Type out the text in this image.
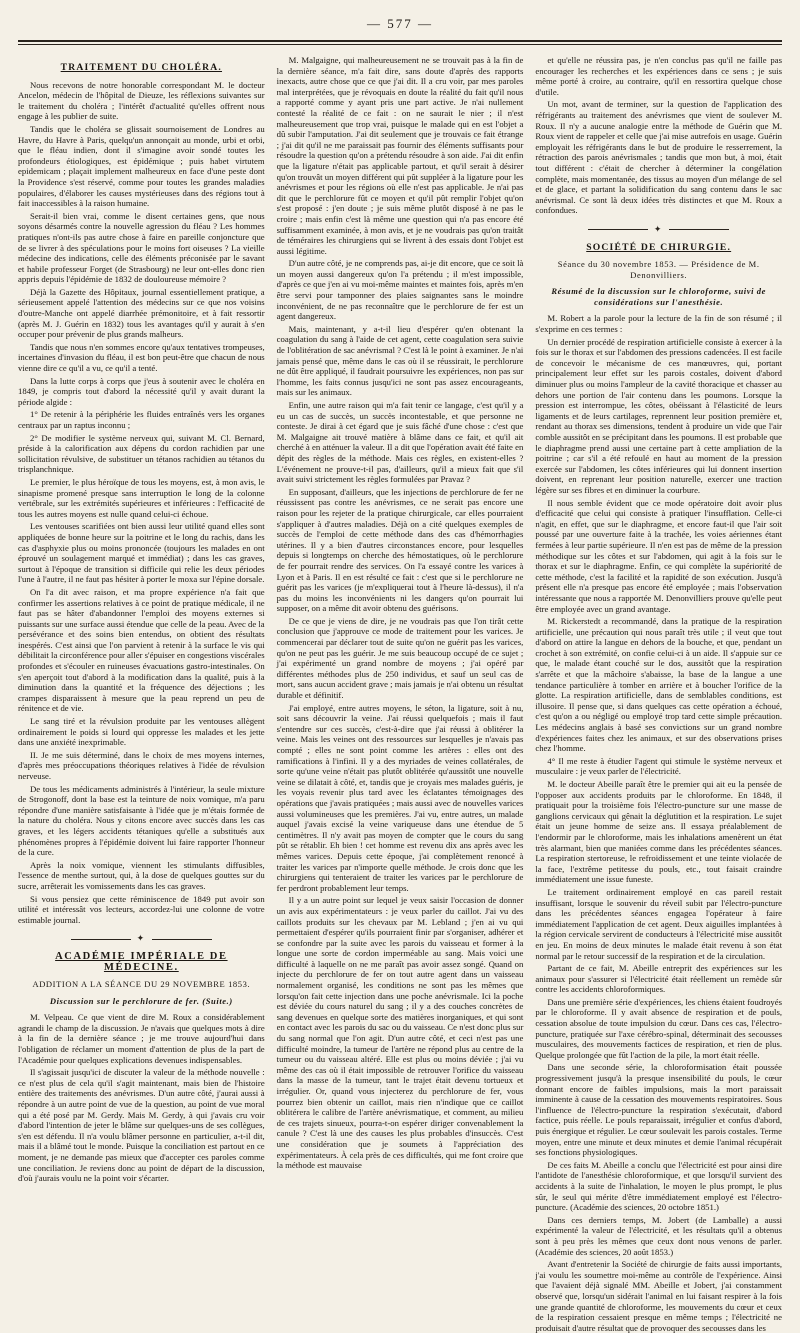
— 577 —
TRAITEMENT DU CHOLÉRA.

Nous recevons de notre honorable correspondant M. le docteur Ancelon, médecin de l'hôpital de Dieuze, les réflexions suivantes sur le traitement du choléra ; l'intérêt d'actualité qu'elles offrent nous engage à les publier de suite.

Tandis que le choléra se glissait sournoisement de Londres au Havre, du Havre à Paris, quelqu'un annonçait au monde, urbi et orbi, que le fléau indien, dont il s'imagine avoir sondé toutes les profondeurs étiologiques, est épidémique ; puis habet virtutem epidemicam ; plaçait implement malheureux en face d'une peste dont la Providence s'est réservé, comme pour toutes les grandes maladies populaires, d'élaborer les causes mystérieuses dans des régions tout à fait inaccessibles à la raison humaine.

Serait-il bien vrai, comme le disent certaines gens, que nous soyons désarmés contre la nouvelle agression du fléau ? Les hommes pratiques n'ont-ils pas autre chose à faire en pareille conjoncture que de se livrer à des spéculations pour le moins fort oiseuses ? La vieille médecine des indications, celle des éléments préconisée par le savant et habile professeur Forget (de Strasbourg) ne leur ont-elles donc rien appris depuis l'épidémie de 1832 de douloureuse mémoire ?

Déjà la Gazette des Hôpitaux, journal essentiellement pratique, a sérieusement appelé l'attention des médecins sur ce que nos voisins d'outre-Manche ont appelé diarrhée prémonitoire, et à fait ressortir (après M. J. Guérin en 1832) tous les avantages qu'il y aurait à s'en occuper pour prévenir de plus grands malheurs.

Tandis que nous n'en sommes encore qu'aux tentatives trompeuses, incertaines d'invasion du fléau, il est bon peut-être que chacun de nous vienne dire ce qu'il a vu, ce qu'il a tenté.

Dans la lutte corps à corps que j'eus à soutenir avec le choléra en 1849, je compris tout d'abord la nécessité qu'il y avait durant la période algide :

1° De retenir à la périphérie les fluides entraînés vers les organes centraux par un raptus inconnu ;

2° De modifier le système nerveux qui, suivant M. Cl. Bernard, préside à la calorification aux dépens du cordon rachidien par une sollicitation révulsive, de substituer un tétanos rachidien au tétanos du trisplanchnique.

Le premier, le plus héroïque de tous les moyens, est, à mon avis, le sinapisme promené presque sans interruption le long de la colonne vertébrale, sur les extrémités supérieures et inférieures : l'efficacité de tous les autres moyens est nulle quand celui-ci échoue.

Les ventouses scarifiées ont bien aussi leur utilité quand elles sont appliquées de bonne heure sur la poitrine et le long du rachis, dans les cas d'asphyxie plus ou moins prononcée (toujours les malades en ont éprouvé un soulagement marqué et immédiat) ; dans les cas graves, surtout à l'époque de transition si difficile qui relie les deux périodes l'une à l'autre, il ne faut pas hésiter à porter le moxa sur l'épine dorsale.

On l'a dit avec raison, et ma propre expérience n'a fait que confirmer les assertions relatives à ce point de pratique médicale, il ne faut pas se hâter d'abandonner l'emploi des moyens externes si puissants sur une surface aussi étendue que celle de la peau. Avec de la persévérance et des soins bien entendus, on obtient des résultats inespérés. C'est ainsi que l'on parvient à retenir à la surface le vis qui débilitait la circonférence pour aller s'épuiser en congestions viscérales profondes et s'écouler en ruineuses évacuations gastro-intestinales. On s'en aperçoit tout d'abord à la modification dans la qualité, puis à la diminution dans la quantité et la fréquence des déjections ; les crampes disparaissent à mesure que la peau reprend un peu de rénitence et de vie.

Le sang tiré et la révulsion produite par les ventouses allègent ordinairement le poids si lourd qui oppresse les malades et les jette dans une anxiété inexprimable.

II. Je me suis déterminé, dans le choix de mes moyens internes, d'après mes préoccupations théoriques relatives à l'idée de révulsion nerveuse.

De tous les médicaments administrés à l'intérieur, la seule mixture de Strogonoff, dont la base est la teinture de noix vomique, m'a paru répondre d'une manière satisfaisante à l'idée que je m'étais formée de la nature du choléra. Nous y citons encore avec succès dans les cas graves, et les légers accidents tétaniques qu'elle a substitués aux phénomènes propres à l'épidémie doivent lui faire rapporter l'honneur de la cure.

Après la noix vomique, viennent les stimulants diffusibles, l'essence de menthe surtout, qui, à la dose de quelques gouttes sur du sucre, arrêterait les vomissements dans les cas graves.

Si vous pensiez que cette réminiscence de 1849 put avoir son utilité et intéressât vos lecteurs, accordez-lui une colonne de votre estimable journal.

✦
ACADÉMIE IMPÉRIALE DE MÉDECINE.
ADDITION A LA SÉANCE DU 29 NOVEMBRE 1853.
Discussion sur le perchlorure de fer. (Suite.)

M. Velpeau. Ce que vient de dire M. Roux a considérablement agrandi le champ de la discussion. Je n'avais que quelques mots à dire à la fin de la dernière séance ; je me trouve aujourd'hui dans l'obligation de réclamer un moment d'attention de plus de la part de l'Académie pour quelques explications devenues indispensables.

Il s'agissait jusqu'ici de discuter la valeur de la méthode nouvelle : ce n'est plus de cela qu'il s'agit maintenant, mais bien de l'histoire entière des traitements des anévrismes. D'un autre côté, j'aurai aussi à répondre à un autre point de vue de la question, au point de vue moral qui a été posé par M. Gerdy. Mais M. Gerdy, à qui j'avais cru voir d'abord l'intention de jeter le blâme sur quelques-uns de ses collègues, s'en est défendu. Il n'a voulu blâmer personne en particulier, a-t-il dit, mais il a blâmé tout le monde. Puisque la conciliation est partout en ce moment, je ne demande pas mieux que d'accepter ces paroles comme une conciliation. Je reviens donc au point de départ de la discussion, d'où j'aurais voulu ne la point voir s'écarter.

M. Malgaigne, qui malheureusement ne se trouvait pas à la fin de la dernière séance, m'a fait dire, sans doute d'après des rapports inexacts, autre chose que ce que j'ai dit. Il a cru voir, par mes paroles mal interprétées, que je révoquais en doute la réalité du fait qu'il nous a rapporté comme y ayant pris une part active. Je n'ai nullement contesté la réalité de ce fait : on ne saurait le nier ; il n'est malheureusement que trop vrai, puisque le malade qui en est l'objet a dû subir l'amputation. J'ai dit seulement que je trouvais ce fait étrange ; j'ai dit qu'il ne me paraissait pas fournir des éléments suffisants pour résoudre la question qu'on a prétendu résoudre à son aide. J'ai dit enfin que la ligature n'était pas applicable partout, et qu'il serait à désirer qu'on trouvât un moyen différent qui pût suppléer à la ligature pour les anévrismes et pour les régions où elle n'est pas applicable. Je n'ai pas dit que le perchlorure fût ce moyen et qu'il pût remplir l'objet qu'on s'est proposé : j'en doute ; je suis même plutôt disposé à ne pas le croire ; mais enfin c'est là même une question qui n'a pas encore été suffisamment examinée, à mon avis, et je ne voudrais pas qu'on traitât de téméraires les chirurgiens qui se livrent à des essais dont l'objet est aussi légitime.

D'un autre côté, je ne comprends pas, ai-je dit encore, que ce soit là un moyen aussi dangereux qu'on l'a prétendu ; il m'est impossible, d'après ce que j'en ai vu moi-même maintes et maintes fois, après m'en être servi pour tamponner des plaies saignantes sans le moindre inconvénient, de ne pas reconnaître que le perchlorure de fer est un agent dangereux.

Mais, maintenant, y a-t-il lieu d'espérer qu'en obtenant la coagulation du sang à l'aide de cet agent, cette coagulation sera suivie de l'oblitération de sac anévrismal ? C'est là le point à examiner. Je n'ai jamais pensé que, même dans le cas où il se réussirait, le perchlorure ne dût être appliqué, il faudrait poursuivre les expériences, non pas sur l'homme, les faits connus jusqu'ici ne sont pas assez encourageants, mais sur les animaux.

Enfin, une autre raison qui m'a fait tenir ce langage, c'est qu'il y a eu un cas de succès, un succès incontestable, et que personne ne conteste. Je dirai à cet égard que je suis fâché d'une chose : c'est que M. Malgaigne ait trouvé matière à blâme dans ce fait, et qu'il ait cherché à en atténuer la valeur. Il a dit que l'opération avait été faite en dépit des règles de la méthode. Mais ces règles, en existent-elles ? L'événement ne prouve-t-il pas, d'ailleurs, qu'il a mieux fait que s'il avait suivi strictement les règles formulées par Pravaz ?

En supposant, d'ailleurs, que les injections de perchlorure de fer ne réussissent pas contre les anévrismes, ce ne serait pas encore une raison pour les rejeter de la pratique chirurgicale, car elles pourraient s'appliquer à d'autres maladies. Déjà on a cité quelques exemples de succès de l'emploi de cette méthode dans des cas d'hémorrhagies utérines. Il y a bien d'autres circonstances encore, pour lesquelles depuis si longtemps on cherche des hémostatiques, où le perchlorure de fer pourrait rendre des services. On l'a essayé contre les varices à Lyon et à Paris. Il en est résulté ce fait : c'est que si le perchlorure ne guérit pas les varices (je m'expliquerai tout à l'heure là-dessus), il n'a pas du moins les inconvénients ni les dangers qu'on pourrait lui supposer, on a même dit avoir obtenu des guérisons.

De ce que je viens de dire, je ne voudrais pas que l'on tirât cette conclusion que j'approuve ce mode de traitement pour les varices. Je commencerai par déclarer tout de suite qu'on ne guérit pas les varices, qu'on ne peut pas les guérir. Je me suis beaucoup occupé de ce sujet ; j'ai expérimenté un grand nombre de moyens ; j'ai opéré par différentes méthodes plus de 250 individus, et sauf un seul cas de mort, sans aucun accident grave ; mais jamais je n'ai obtenu un résultat durable et définitif.

J'ai employé, entre autres moyens, le séton, la ligature, soit à nu, soit sans découvrir la veine. J'ai réussi quelquefois ; mais il faut s'entendre sur ces succès, c'est-à-dire que j'ai réussi à oblitérer la veine. Mais les veines ont des ressources sur lesquelles je n'avais pas compté ; elles ne sont point comme les artères : elles ont des ramifications à l'infini. Il y a des myriades de veines collatérales, de sorte qu'une veine n'était pas plutôt oblitérée qu'aussitôt une nouvelle veine se dilatait à côté, et, tandis que je croyais mes malades guéris, je les voyais revenir plus tard avec les éclatantes témoignages des opérations que j'avais pratiquées ; mais aussi avec de nouvelles varices aussi volumineuses que les premières. J'ai vu, entre autres, un malade auquel j'avais excisé la veine variqueuse dans une étendue de 5 centimètres. Il n'y avait pas moyen de compter que le cours du sang pût se rétablir. Eh bien ! cet homme est revenu dix ans après avec les mêmes varices. Depuis cette époque, j'ai complètement renoncé à traiter les varices par n'importe quelle méthode. Je crois donc que les chirurgiens qui tenteraient de traiter les varices par le perchlorure de fer perdront probablement leur temps.

Il y a un autre point sur lequel je veux saisir l'occasion de donner un avis aux expérimentateurs : je veux parler du caillot. J'ai vu des caillots produits sur les chevaux par M. Lebland ; j'en ai vu qui permettaient d'espérer qu'ils pourraient finir par s'organiser, adhérer et se confondre par la suite avec les parois du vaisseau et former à la longue une sorte de cordon imperméable au sang. Mais voici une difficulté à laquelle on ne me paraît pas avoir assez songé. Quand on injecte du perchlorure de fer on tout autre agent dans un vaisseau normalement organisé, les conditions ne sont pas les mêmes que lorsqu'on fait cette injection dans une poche anévrismale. Ici la poche est déviée du cours naturel du sang ; il y a des couches concrètes de sang devenues en quelque sorte des matières inorganiques, et qui sont en contact avec les parois du sac ou du vaisseau. Ce n'est donc plus sur du sang normal que l'on agit. D'un autre côté, et ceci n'est pas une difficulté moindre, la tumeur de l'artère ne répond plus au centre de la tumeur ou du vaisseau altéré. Elle est plus ou moins déviée ; j'ai vu même des cas où il était impossible de retrouver l'orifice du vaisseau dans la masse de la tumeur, tant le trajet était devenu tortueux et irrégulier. Or, quand vous injecterez du perchlorure de fer, vous pourrez bien obtenir un caillot, mais rien n'indique que ce caillot oblitérera le calibre de l'artère anévrismatique, et comment, au milieu de ces trajets sinueux, pourra-t-on espérer diriger convenablement la canule ? C'est là une des causes les plus probables d'insuccès. C'est une considération que je soumets à l'appréciation des expérimentateurs. À cela près de ces difficultés, qui me font croire que la méthode est mauvaise

et qu'elle ne réussira pas, je n'en conclus pas qu'il ne faille pas encourager les recherches et les expériences dans ce sens ; je suis même porté à croire, au contraire, qu'il en ressortira quelque chose d'utile.

Un mot, avant de terminer, sur la question de l'application des réfrigérants au traitement des anévrismes que vient de soulever M. Roux. Il n'y a aucune analogie entre la méthode de Guérin que M. Roux vient de rappeler et celle que j'ai mise autrefois en usage. Guérin employait les réfrigérants dans le but de produire le resserrement, la rétraction des parois anévrismales ; tandis que mon but, à moi, était tout différent : c'était de chercher à déterminer la congélation complète, mais momentanée, des tissus au moyen d'un mélange de sel et de glace, et partant la solidification du sang contenu dans le sac anévrismal. Ce sont là deux idées très distinctes et que M. Roux a confondues.

✦
SOCIÉTÉ DE CHIRURGIE.
Séance du 30 novembre 1853. — Présidence de M. Denonvilliers.
Résumé de la discussion sur le chloroforme, suivi de considérations sur l'anesthésie.

M. Robert a la parole pour la lecture de la fin de son résumé ; il s'exprime en ces termes :

Un dernier procédé de respiration artificielle consiste à exercer à la fois sur le thorax et sur l'abdomen des pressions cadencées. Il est facile de concevoir le mécanisme de ces manœuvres, qui, portant principalement leur effet sur les parois costales, doivent d'abord diminuer plus ou moins l'ampleur de la cavité thoracique et chasser au dehors une portion de l'air contenu dans les poumons. Lorsque la pression est interrompue, les côtes, obéissant à l'élasticité de leurs ligaments et de leurs cartilages, reprennent leur position première et, rendant au thorax ses dimensions, tendent à produire un vide que l'air comble aussitôt en se précipitant dans les poumons. Il est probable que le diaphragme prend aussi une certaine part à cette ampliation de la poitrine ; car s'il a été refoulé en haut au moment de la pression exercée sur l'abdomen, les côtes inférieures qui lui donnent insertion doivent, en reprenant leur position naturelle, exercer une traction légère sur ses fibres et en diminuer la courbure.

Il nous semble évident que ce mode opératoire doit avoir plus d'efficacité que celui qui consiste à pratiquer l'insufflation. Celle-ci n'agit, en effet, que sur le diaphragme, et encore faut-il que l'air soit poussé par une ouverture faite à la trachée, les voies aériennes étant fermées à leur partie supérieure. Il n'en est pas de même de la pression méthodique sur les côtes et sur l'abdomen, qui agit à la fois sur le thorax et sur le diaphragme. Enfin, ce qui complète la supériorité de cette méthode, c'est la facilité et la rapidité de son exécution. Jusqu'à présent elle n'a presque pas encore été employée ; mais l'observation intéressante que nous a rapportée M. Denonvilliers prouve qu'elle peut être employée avec un grand avantage.

M. Rickerstedt a recommandé, dans la pratique de la respiration artificielle, une précaution qui nous paraît très utile ; il veut que tout d'abord on attire la langue en dehors de la bouche, et que, pendant un crochet à son extrémité, on confie celui-ci à un aide. Il s'appuie sur ce que, le malade étant couché sur le dos, aussitôt que la respiration s'arrête et que la mâchoire s'abaisse, la base de la langue a une tendance particulière à tomber en arrière et à boucher l'orifice de la glotte. La respiration artificielle, dans de semblables conditions, est illusoire. Il pense que, si dans quelques cas cette opération a échoué, c'est qu'on a ou négligé ou employé trop tard cette simple précaution. Les médecins anglais à basé ses convictions sur un grand nombre d'expériences faites chez les animaux, et sur des observations prises chez l'homme.

4° Il me reste à étudier l'agent qui stimule le système nerveux et musculaire : je veux parler de l'électricité.

M. le docteur Abeille paraît être le premier qui ait eu la pensée de l'opposer aux accidents produits par le chloroforme. En 1848, il pratiquait pour la troisième fois l'électro-puncture sur une masse de ganglions cervicaux qui gênait la déglutition et la respiration. Le sujet était un jeune homme de seize ans. Il essaya préalablement de l'endormir par le chloroforme, mais les inhalations amenèrent un état très alarmant, bien que maniées comme dans les précédentes séances. La respiration stertoreuse, le refroidissement et une teinte violacée de la face, l'extrême petitesse du pouls, etc., tout faisait craindre immédiatement une issue funeste.

Le traitement ordinairement employé en cas pareil restait insuffisant, lorsque le souvenir du réveil subit par l'électro-puncture dans les précédentes séances engagea l'opérateur à faire immédiatement l'application de cet agent. Deux aiguilles implantées à la région cervicale servirent de conducteurs à l'électricité mise aussitôt en jeu. En moins de deux minutes le malade était revenu à son état normal par le retour successif de la respiration et de la circulation.

Partant de ce fait, M. Abeille entreprit des expériences sur les animaux pour s'assurer si l'électricité était réellement un remède sûr contre les accidents chloroformiques.

Dans une première série d'expériences, les chiens étaient foudroyés par le chloroforme. Il y avait absence de respiration et de pouls, cessation absolue de toute impulsion du cœur. Dans ces cas, l'électro-puncture, pratiquée sur l'axe cérébro-spinal, déterminait des secousses musculaires, des mouvements factices de respiration, et rien de plus. Quelque prolongée que fût l'action de la pile, la mort était réelle.

Dans une seconde série, la chloroformisation était poussée progressivement jusqu'à la presque insensibilité du pouls, le cœur donnant encore de faibles impulsions, mais la mort paraissait imminente à cause de la cessation des mouvements respiratoires. Sous l'influence de l'électro-puncture la respiration s'exécutait, d'abord factice, puis réelle. Le pouls reparaissait, irrégulier et confus d'abord, puis énergique et régulier. Le cœur soulevait les parois costales. Terme moyen, entre une minute et deux minutes et demie l'animal récupérait ses fonctions physiologiques.

De ces faits M. Abeille a conclu que l'électricité est pour ainsi dire l'antidote de l'anesthésie chloroformique, et que lorsqu'il survient des accidents à la suite de l'inhalation, le moyen le plus prompt, le plus sûr, le seul qui mérite d'être immédiatement employé est l'électro-puncture. (Académie des sciences, 20 octobre 1851.)

Dans ces derniers temps, M. Jobert (de Lamballe) a aussi expérimenté la valeur de l'électricité, et les résultats qu'il a obtenus sont à peu près les mêmes que ceux dont nous venons de parler. (Académie des sciences, 20 août 1853.)

Avant d'entretenir la Société de chirurgie de faits aussi importants, j'ai voulu les soumettre moi-même au contrôle de l'expérience. Ainsi que l'avaient déjà signalé MM. Abeille et Jobert, j'ai constamment observé que, lorsqu'un sidérait l'animal en lui faisant respirer à la fois une grande quantité de chloroforme, les mouvements du cœur et ceux de la respiration cessaient presque en même temps ; l'électricité ne produisait d'autre résultat que de provoquer des secousses dans les
